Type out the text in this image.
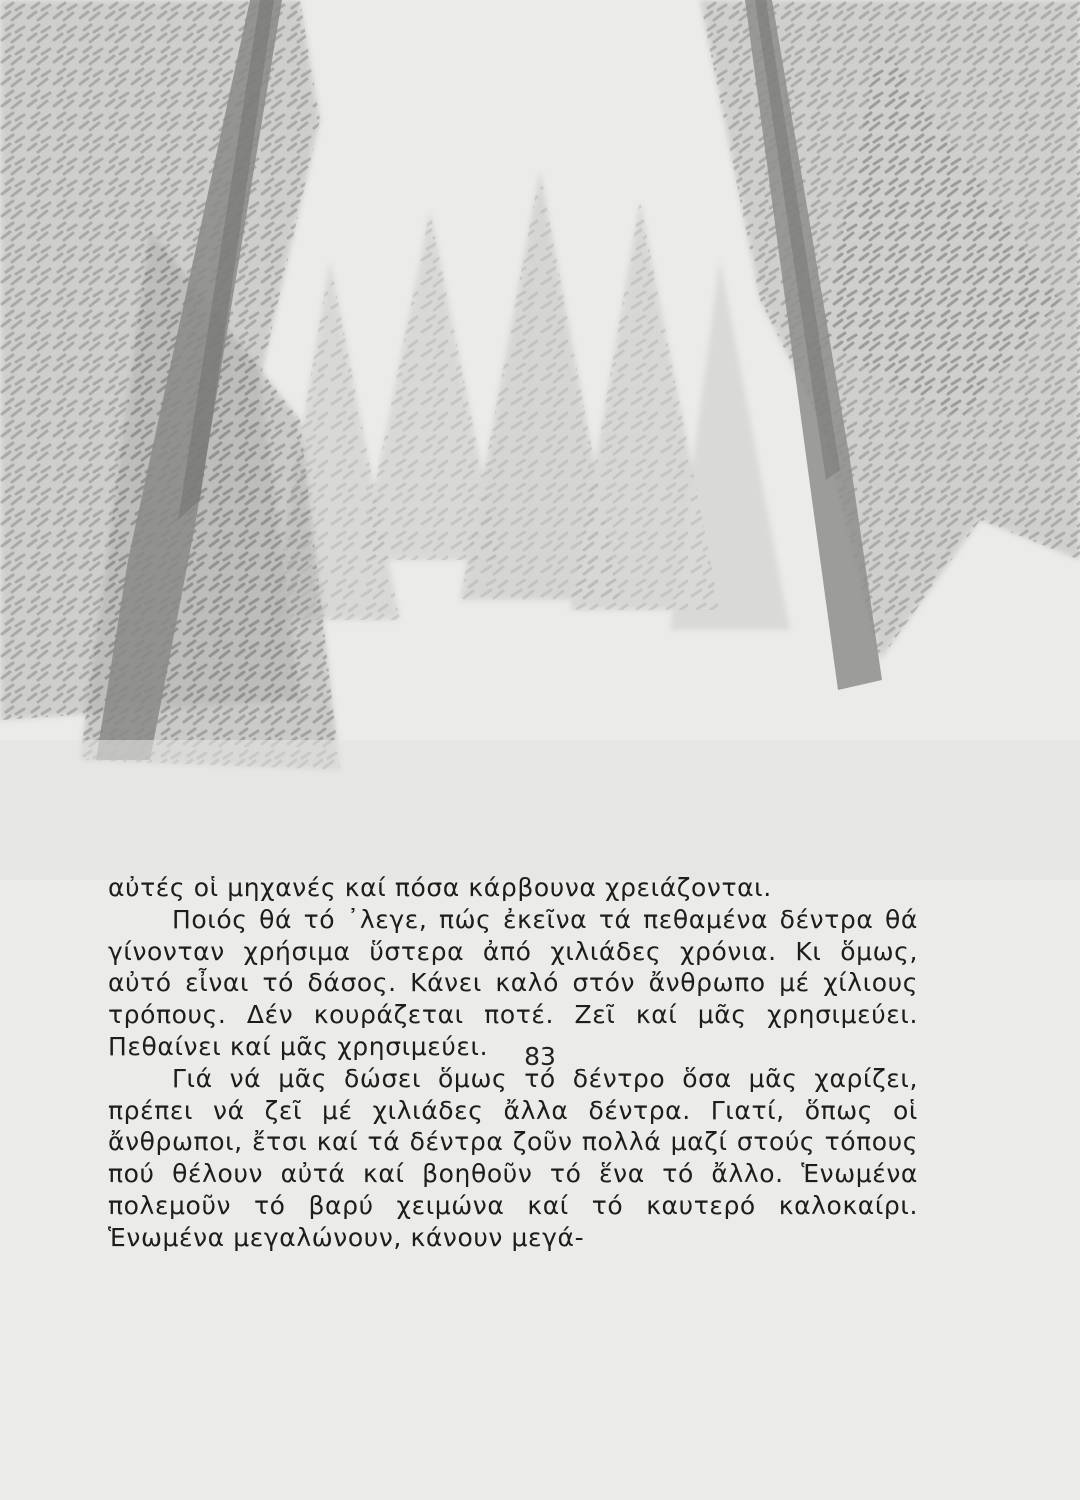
αὐτές οἱ μηχανές καί πόσα κάρβουνα χρειάζονται.

Ποιός θά τό ᾽λεγε, πώς ἐκεῖνα τά πεθαμένα δέντρα θά γίνονταν χρήσιμα ὕστερα ἀπό χιλιάδες χρόνια. Κι ὅμως, αὐτό εἶναι τό δάσος. Κάνει καλό στόν ἄνθρωπο μέ χίλιους τρόπους. Δέν κουράζεται ποτέ. Ζεῖ καί μᾶς χρησιμεύει. Πεθαίνει καί μᾶς χρησιμεύει.

Γιά νά μᾶς δώσει ὅμως τό δέντρο ὅσα μᾶς χαρίζει, πρέπει νά ζεῖ μέ χιλιάδες ἄλλα δέντρα. Γιατί, ὅπως οἱ ἄνθρωποι, ἔτσι καί τά δέντρα ζοῦν πολλά μαζί στούς τόπους πού θέλουν αὐτά καί βοηθοῦν τό ἕνα τό ἄλλο. Ἑνωμένα πολεμοῦν τό βαρύ χειμώνα καί τό καυτερό καλοκαίρι. Ἑνωμένα μεγαλώνουν, κάνουν μεγά-

83
